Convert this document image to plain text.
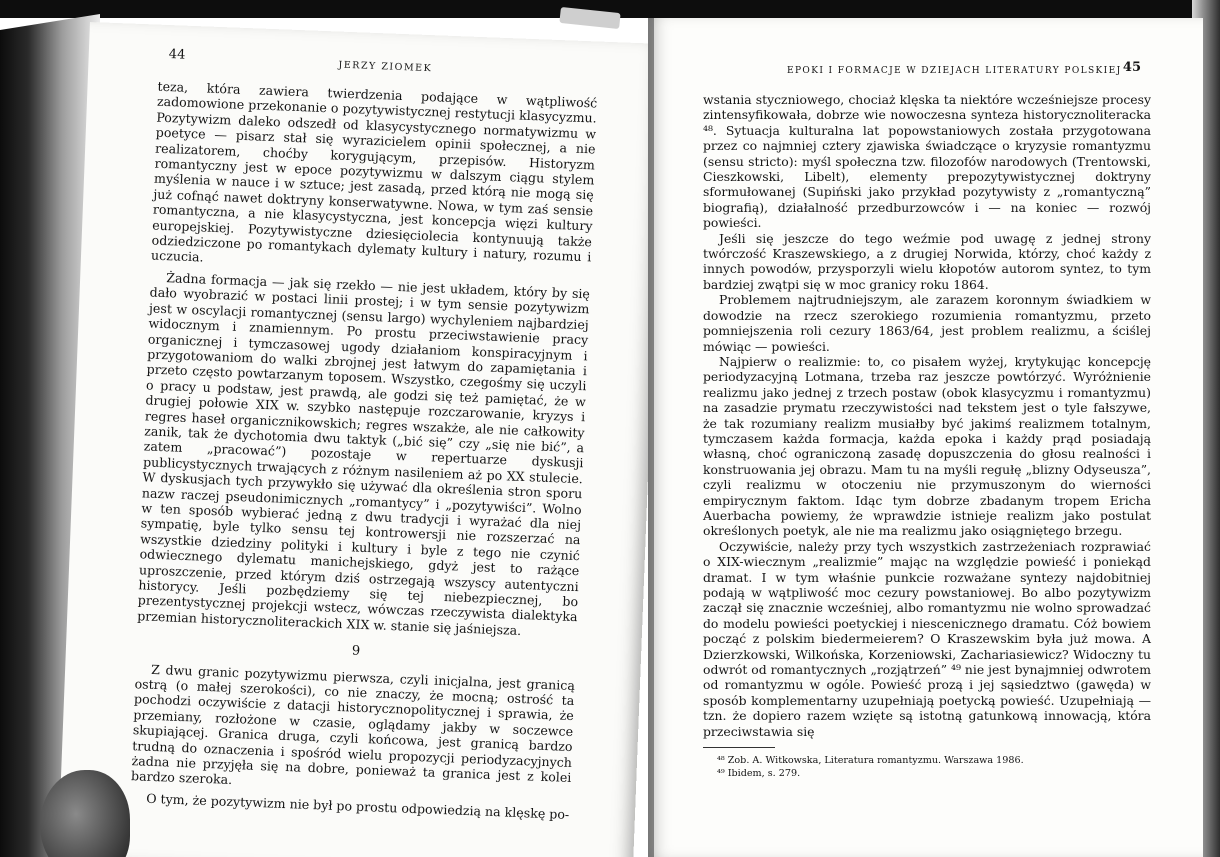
44
JERZY ZIOMEK

teza, która zawiera twierdzenia podające w wątpliwość zadomowione przekonanie o pozytywistycznej restytucji klasycyzmu. Pozytywizm daleko odszedł od klasycystycznego normatywizmu w poetyce — pisarz stał się wyrazicielem opinii społecznej, a nie realizatorem, choćby korygującym, przepisów. Historyzm romantyczny jest w epoce pozytywizmu w dalszym ciągu stylem myślenia w nauce i w sztuce; jest zasadą, przed którą nie mogą się już cofnąć nawet doktryny konserwatywne. Nowa, w tym zaś sensie romantyczna, a nie klasycystyczna, jest koncepcja więzi kultury europejskiej. Pozytywistyczne dziesięciolecia kontynuują także odziedziczone po romantykach dylematy kultury i natury, rozumu i uczucia.

Żadna formacja — jak się rzekło — nie jest układem, który by się dało wyobrazić w postaci linii prostej; i w tym sensie pozytywizm jest w oscylacji romantycznej (sensu largo) wychyleniem najbardziej widocznym i znamiennym. Po prostu przeciwstawienie pracy organicznej i tymczasowej ugody działaniom konspiracyjnym i przygotowaniom do walki zbrojnej jest łatwym do zapamiętania i przeto często powtarzanym toposem. Wszystko, czegośmy się uczyli o pracy u podstaw, jest prawdą, ale godzi się też pamiętać, że w drugiej połowie XIX w. szybko następuje rozczarowanie, kryzys i regres haseł organicznikowskich; regres wszakże, ale nie całkowity zanik, tak że dychotomia dwu taktyk („bić się” czy „się nie bić”, a zatem „pracować”) pozostaje w repertuarze dyskusji publicystycznych trwających z różnym nasileniem aż po XX stulecie. W dyskusjach tych przywykło się używać dla określenia stron sporu nazw raczej pseudonimicznych „romantycy” i „pozytywiści”. Wolno w ten sposób wybierać jedną z dwu tradycji i wyrażać dla niej sympatię, byle tylko sensu tej kontrowersji nie rozszerzać na wszystkie dziedziny polityki i kultury i byle z tego nie czynić odwiecznego dylematu manichejskiego, gdyż jest to rażące uproszczenie, przed którym dziś ostrzegają wszyscy autentyczni historycy. Jeśli pozbędziemy się tej niebezpiecznej, bo prezentystycznej projekcji wstecz, wówczas rzeczywista dialektyka przemian historycznoliterackich XIX w. stanie się jaśniejsza.

9

Z dwu granic pozytywizmu pierwsza, czyli inicjalna, jest granicą ostrą (o małej szerokości), co nie znaczy, że mocną; ostrość ta pochodzi oczywiście z datacji historycznopolitycznej i sprawia, że przemiany, rozłożone w czasie, oglądamy jakby w soczewce skupiającej. Granica druga, czyli końcowa, jest granicą bardzo trudną do oznaczenia i spośród wielu propozycji periodyzacyjnych żadna nie przyjęła się na dobre, ponieważ ta granica jest z kolei bardzo szeroka.

O tym, że pozytywizm nie był po prostu odpowiedzią na klęskę po-

EPOKI I FORMACJE W DZIEJACH LITERATURY POLSKIEJ 45

wstania styczniowego, chociaż klęska ta niektóre wcześniejsze procesy zintensyfikowała, dobrze wie nowoczesna synteza historycznoliteracka ⁴⁸. Sytuacja kulturalna lat popowstaniowych została przygotowana przez co najmniej cztery zjawiska świadczące o kryzysie romantyzmu (sensu stricto): myśl społeczna tzw. filozofów narodowych (Trentowski, Cieszkowski, Libelt), elementy prepozytywistycznej doktryny sformułowanej (Supiński jako przykład pozytywisty z „romantyczną” biografią), działalność przedburzowców i — na koniec — rozwój powieści.

Jeśli się jeszcze do tego weźmie pod uwagę z jednej strony twórczość Kraszewskiego, a z drugiej Norwida, którzy, choć każdy z innych powodów, przysporzyli wielu kłopotów autorom syntez, to tym bardziej zwątpi się w moc granicy roku 1864.

Problemem najtrudniejszym, ale zarazem koronnym świadkiem w dowodzie na rzecz szerokiego rozumienia romantyzmu, przeto pomniejszenia roli cezury 1863/64, jest problem realizmu, a ściślej mówiąc — powieści.

Najpierw o realizmie: to, co pisałem wyżej, krytykując koncepcję periodyzacyjną Lotmana, trzeba raz jeszcze powtórzyć. Wyróżnienie realizmu jako jednej z trzech postaw (obok klasycyzmu i romantyzmu) na zasadzie prymatu rzeczywistości nad tekstem jest o tyle fałszywe, że tak rozumiany realizm musiałby być jakimś realizmem totalnym, tymczasem każda formacja, każda epoka i każdy prąd posiadają własną, choć ograniczoną zasadę dopuszczenia do głosu realności i konstruowania jej obrazu. Mam tu na myśli regułę „blizny Odyseusza”, czyli realizmu w otoczeniu nie przymuszonym do wierności empirycznym faktom. Idąc tym dobrze zbadanym tropem Ericha Auerbacha powiemy, że wprawdzie istnieje realizm jako postulat określonych poetyk, ale nie ma realizmu jako osiągniętego brzegu.

Oczywiście, należy przy tych wszystkich zastrzeżeniach rozprawiać o XIX-wiecznym „realizmie” mając na względzie powieść i poniekąd dramat. I w tym właśnie punkcie rozważane syntezy najdobitniej podają w wątpliwość moc cezury powstaniowej. Bo albo pozytywizm zaczął się znacznie wcześniej, albo romantyzmu nie wolno sprowadzać do modelu powieści poetyckiej i niescenicznego dramatu. Cóż bowiem począć z polskim biedermeierem? O Kraszewskim była już mowa. A Dzierzkowski, Wilkońska, Korzeniowski, Zachariasiewicz? Widoczny tu odwrót od romantycznych „rozjątrzeń” ⁴⁹ nie jest bynajmniej odwrotem od romantyzmu w ogóle. Powieść prozą i jej sąsiedztwo (gawęda) w sposób komplementarny uzupełniają poetycką powieść. Uzupełniają — tzn. że dopiero razem wzięte są istotną gatunkową innowacją, która przeciwstawia się

⁴⁸ Zob. A. Witkowska, Literatura romantyzmu. Warszawa 1986.
⁴⁹ Ibidem, s. 279.
